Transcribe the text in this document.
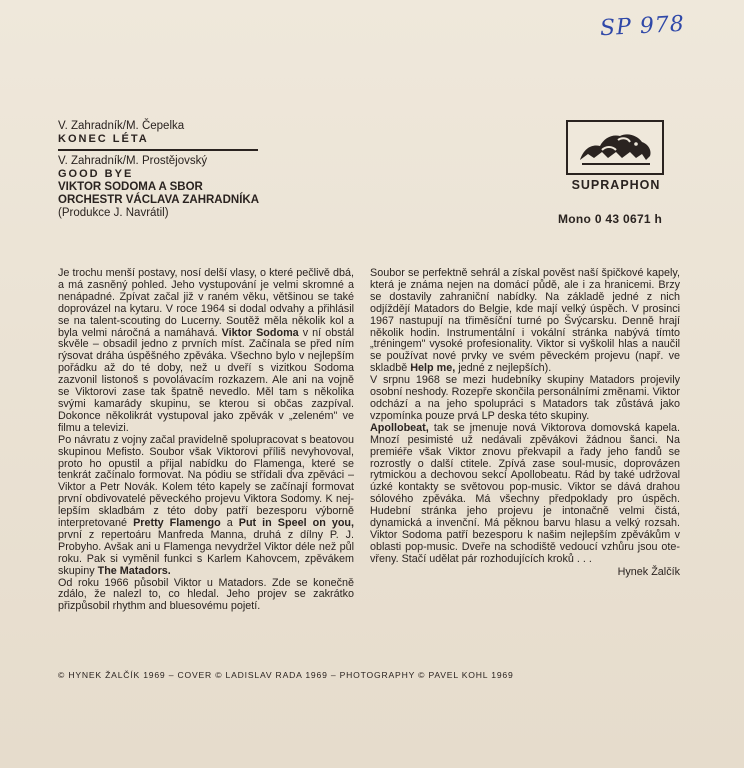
SP 978
V. Zahradník/M. Čepelka
KONEC LÉTA
V. Zahradník/M. Prostějovský
GOOD BYE
VIKTOR SODOMA A SBOR
ORCHESTR VÁCLAVA ZAHRADNÍKA
(Produkce J. Navrátil)
SUPRAPHON
Mono 0 43 0671 h

Je trochu menší postavy, nosí delší vlasy, o které pečlivě dbá, a má zasněný pohled. Jeho vystupování je velmi skromné a nenápadné. Zpívat začal již v raném věku, většinou se také doprovázel na kytaru. V roce 1964 si dodal odvahy a přihlásil se na talent-scouting do Lucerny. Soutěž měla několik kol a byla velmi náročná a namáhavá. Viktor Sodoma v ní obstál skvěle – obsadil jedno z prvních míst. Začínala se před ním rýsovat dráha úspěšného zpěváka. Všechno bylo v nejlepším pořádku až do té doby, než u dveří s vizitkou Sodoma zazvonil listonoš s povolávacím rozkazem. Ale ani na vojně se Viktorovi zase tak špatně nevedlo. Měl tam s několika svými kamarády skupinu, se kterou si občas zazpíval. Dokonce několikrát vystupoval jako zpěvák v „zeleném" ve filmu a televizi.

Po návratu z vojny začal pravidelně spolupracovat s beatovou skupinou Mefisto. Soubor však Viktorovi příliš nevyhovoval, proto ho opustil a přijal nabídku do Flamenga, které se tenkrát začínalo formovat. Na pódiu se střídali dva zpěváci – Viktor a Petr Novák. Kolem této kapely se začínají formovat první obdivovatelé pěveckého projevu Viktora Sodomy. K nejlepším skladbám z této doby patří bezesporu výborně interpretované Pretty Flamengo a Put in Speel on you, první z repertoáru Manfreda Manna, druhá z dílny P. J. Probyho. Avšak ani u Flamenga nevydržel Viktor déle než půl roku. Pak si vyměnil funkci s Karlem Kahovcem, zpěvákem skupiny The Matadors.

Od roku 1966 působil Viktor u Matadors. Zde se konečně zdálo, že nalezl to, co hledal. Jeho projev se zakrátko přizpůsobil rhythm and bluesovému pojetí.

Soubor se perfektně sehrál a získal pověst naší špičkové kapely, která je známa nejen na domácí půdě, ale i za hranicemi. Brzy se dostavily zahraniční nabídky. Na základě jedné z nich odjíždějí Matadors do Belgie, kde mají velký úspěch. V prosinci 1967 nastupují na třiměsíční turné po Švýcarsku. Denně hrají několik hodin. Instrumentální i vokální stránka nabývá tímto „tréningem" vysoké profesionality. Viktor si vyškolil hlas a naučil se používat nové prvky ve svém pěveckém projevu (např. ve skladbě Help me, jedné z nejlepších).

V srpnu 1968 se mezi hudebníky skupiny Matadors projevily osobní neshody. Rozepře skončila personálními změnami. Viktor odchází a na jeho spolupráci s Matadors tak zůstává jako vzpomínka pouze prvá LP deska této skupiny.

Apollobeat, tak se jmenuje nová Viktorova domovská kapela. Mnozí pesimisté už nedávali zpěvákovi žádnou šanci. Na premiéře však Viktor znovu překvapil a řady jeho fandů se rozrostly o další ctitele. Zpívá zase soul-music, doprovázen rytmickou a dechovou sekcí Apollobeatu. Rád by také udržoval úzké kontakty se světovou pop-music. Viktor se dává drahou sólového zpěváka. Má všechny předpoklady pro úspěch. Hudební stránka jeho projevu je intonačně velmi čistá, dynamická a invenční. Má pěknou barvu hlasu a velký rozsah. Viktor Sodoma patří bezesporu k našim nejlepším zpěvákům v oblasti pop-music. Dveře na schodiště vedoucí vzhůru jsou otevřeny. Stačí udělat pár rozhodujících kroků . . .

Hynek Žalčík
© HYNEK ŽALČÍK 1969 – COVER © LADISLAV RADA 1969 – PHOTOGRAPHY © PAVEL KOHL 1969
